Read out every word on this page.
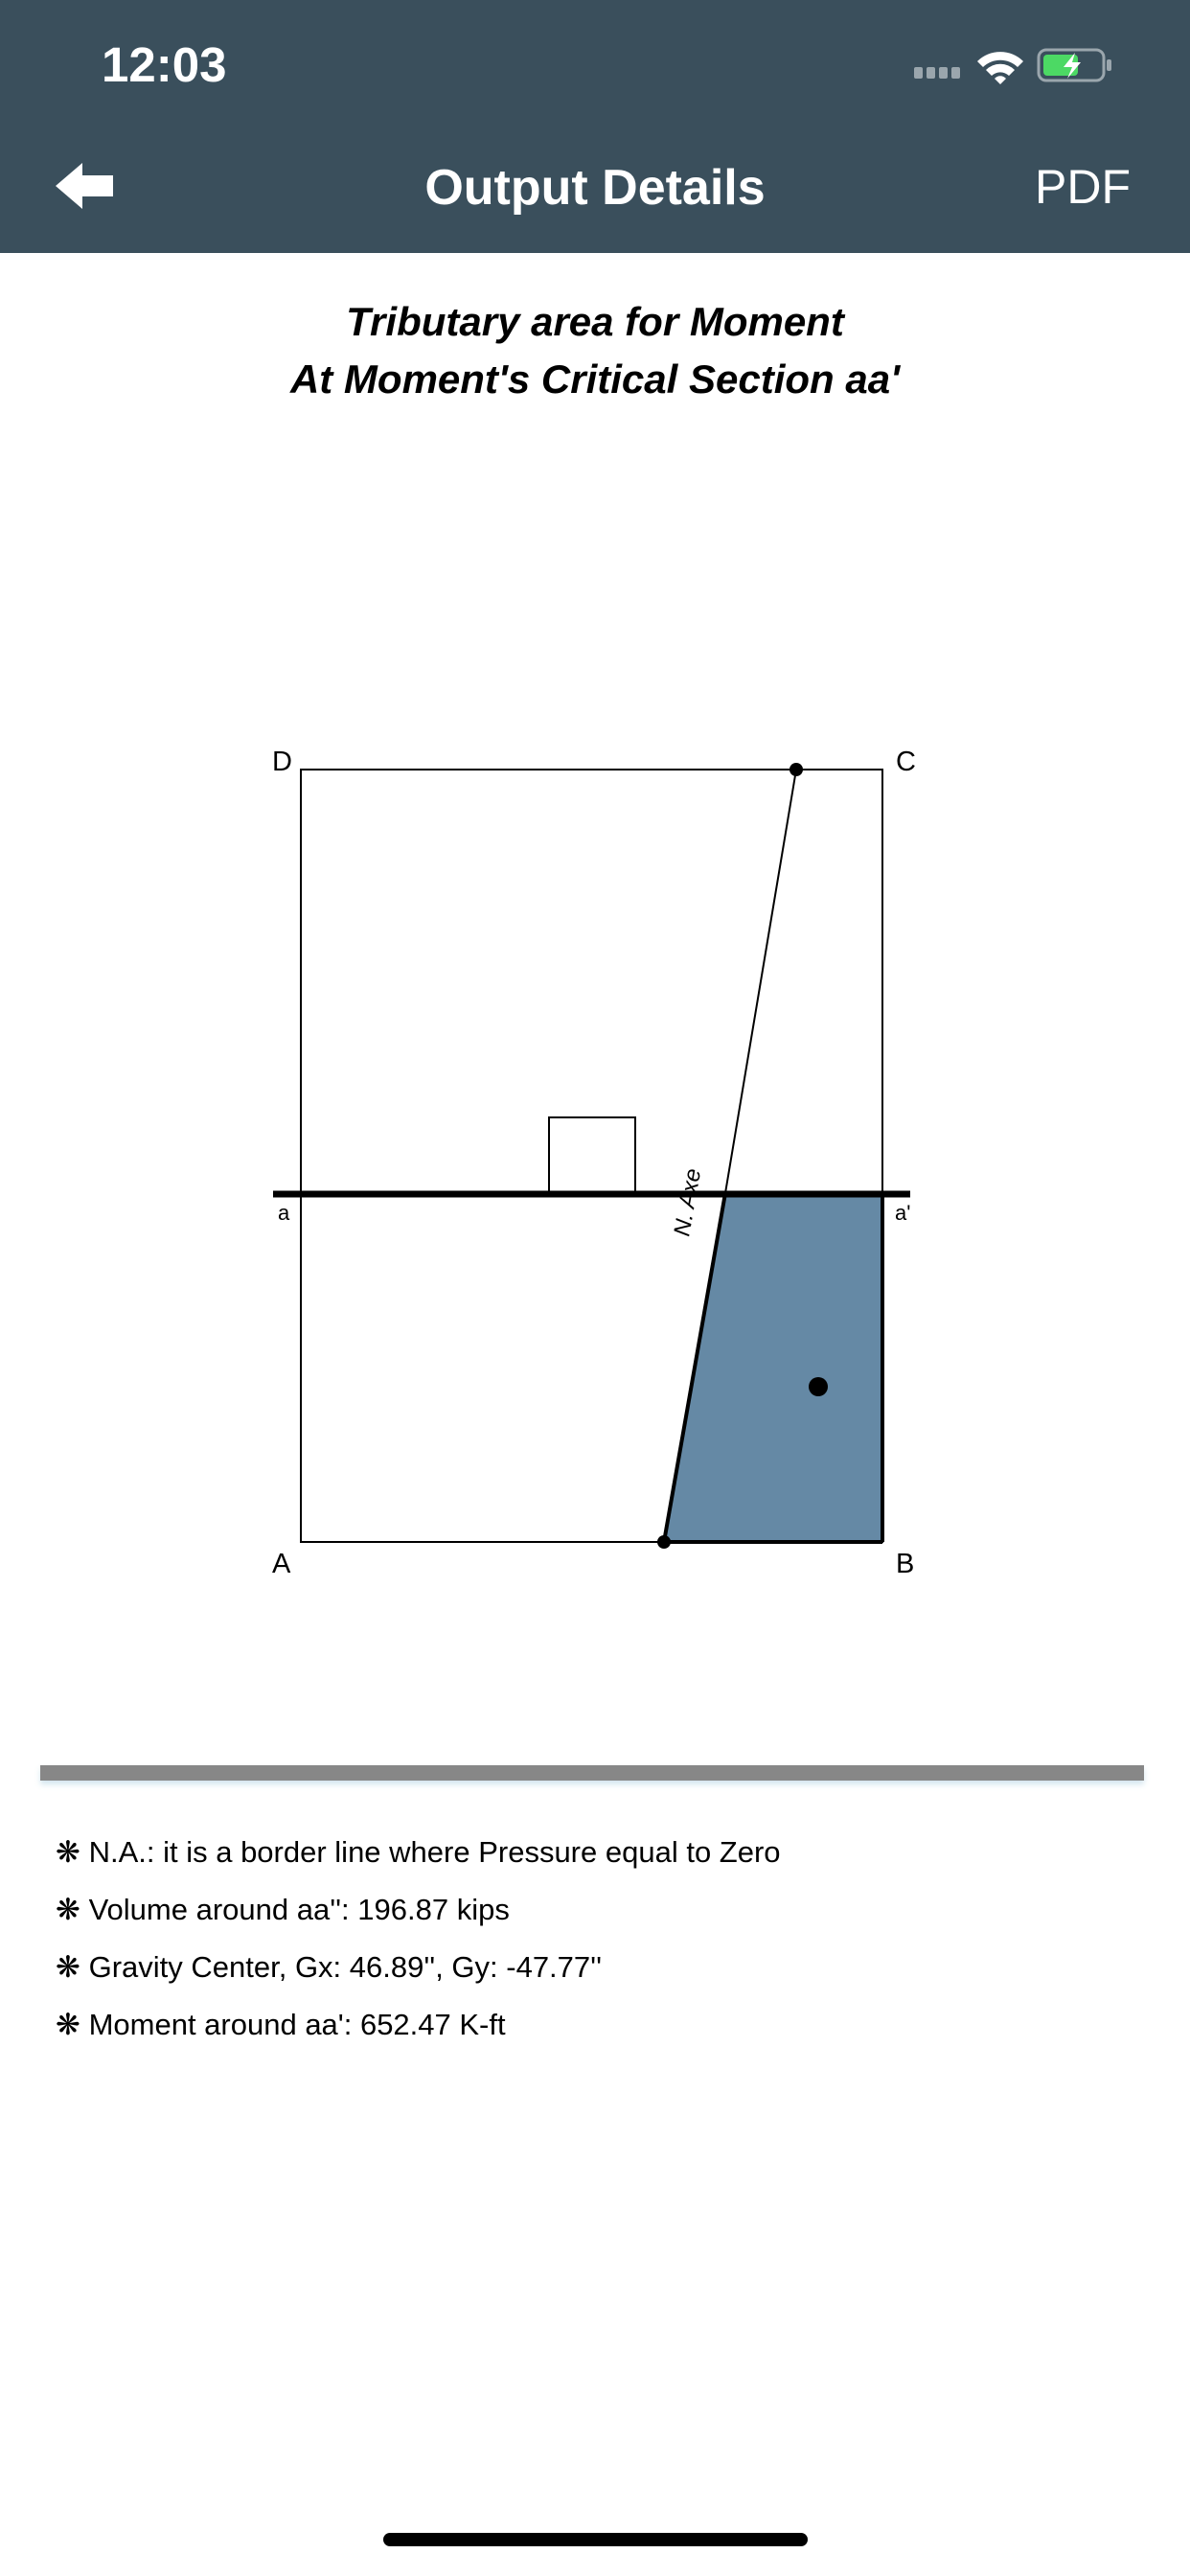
12:03
Output Details	PDF
Tributary area for Moment
At Moment's Critical Section aa'
D	C
A	B
a	a'
N. Axe
❋ N.A.: it is a border line where Pressure equal to Zero
❋ Volume around aa'': 196.87 kips
❋ Gravity Center, Gx: 46.89'', Gy: -47.77''
❋ Moment around aa': 652.47 K-ft
